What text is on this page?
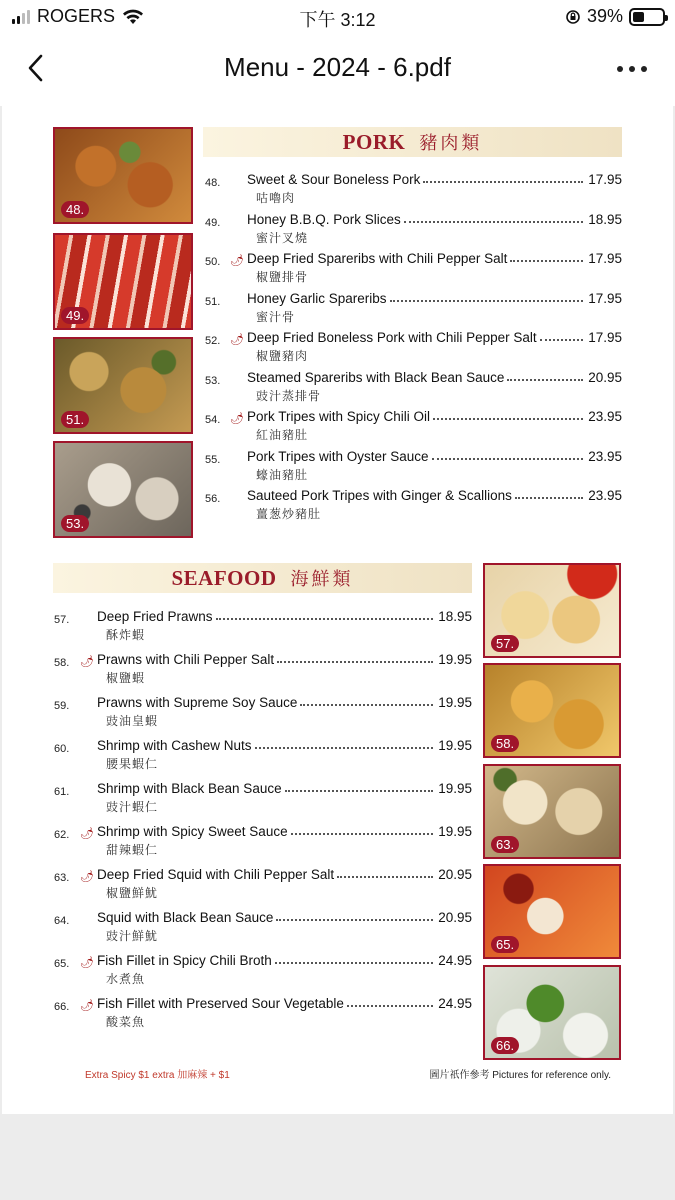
ROGERS	下午 3:12	39%
Menu - 2024 - 6.pdf
48.
49.
51.
53.
PORK 豬肉類
48. Sweet & Sour Boneless Pork	17.95
咕嚕肉
49. Honey B.B.Q. Pork Slices	18.95
蜜汁叉燒
50. 🌶 Deep Fried Spareribs with Chili Pepper Salt	17.95
椒鹽排骨
51. Honey Garlic Spareribs	17.95
蜜汁骨
52. 🌶 Deep Fried Boneless Pork with Chili Pepper Salt	17.95
椒鹽豬肉
53. Steamed Spareribs with Black Bean Sauce	20.95
豉汁蒸排骨
54. 🌶 Pork Tripes with Spicy Chili Oil	23.95
紅油豬肚
55. Pork Tripes with Oyster Sauce	23.95
蠔油豬肚
56. Sauteed Pork Tripes with Ginger & Scallions	23.95
薑葱炒豬肚
SEAFOOD 海鮮類
57. Deep Fried Prawns	18.95
酥炸蝦
58. 🌶 Prawns with Chili Pepper Salt	19.95
椒鹽蝦
59. Prawns with Supreme Soy Sauce	19.95
豉油皇蝦
60. Shrimp with Cashew Nuts	19.95
腰果蝦仁
61. Shrimp with Black Bean Sauce	19.95
豉汁蝦仁
62. 🌶 Shrimp with Spicy Sweet Sauce	19.95
甜辣蝦仁
63. 🌶 Deep Fried Squid with Chili Pepper Salt	20.95
椒鹽鮮魷
64. Squid with Black Bean Sauce	20.95
豉汁鮮魷
65. 🌶 Fish Fillet in Spicy Chili Broth	24.95
水煮魚
66. 🌶 Fish Fillet with Preserved Sour Vegetable	24.95
酸菜魚
57.
58.
63.
65.
66.
Extra Spicy $1 extra 加麻辣 + $1	圖片祇作參考 Pictures for reference only.
